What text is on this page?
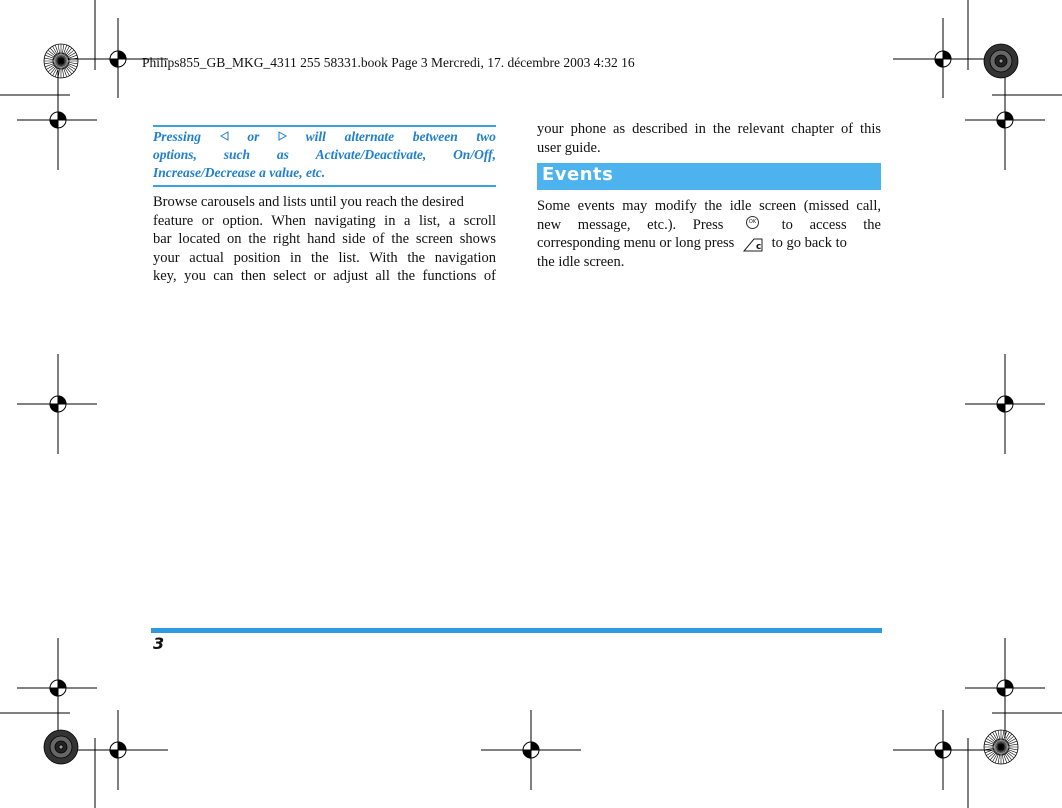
Philips855_GB_MKG_4311 255 58331.book Page 3 Mercredi, 17. décembre 2003 4:32 16
Pressing	or	will alternate between two
options, such as Activate/Deactivate, On/Off,
Increase/Decrease a value, etc.
Browse carousels and lists until you reach the desired
feature or option. When navigating in a list, a scroll
bar located on the right hand side of the screen shows
your actual position in the list. With the navigation
key, you can then select or adjust all the functions of
your phone as described in the relevant chapter of this
user guide.
Events
Some events may modify the idle screen (missed call,
new message, etc.). Press	OK to access the
corresponding menu or long press c to go back to
the idle screen.
3
